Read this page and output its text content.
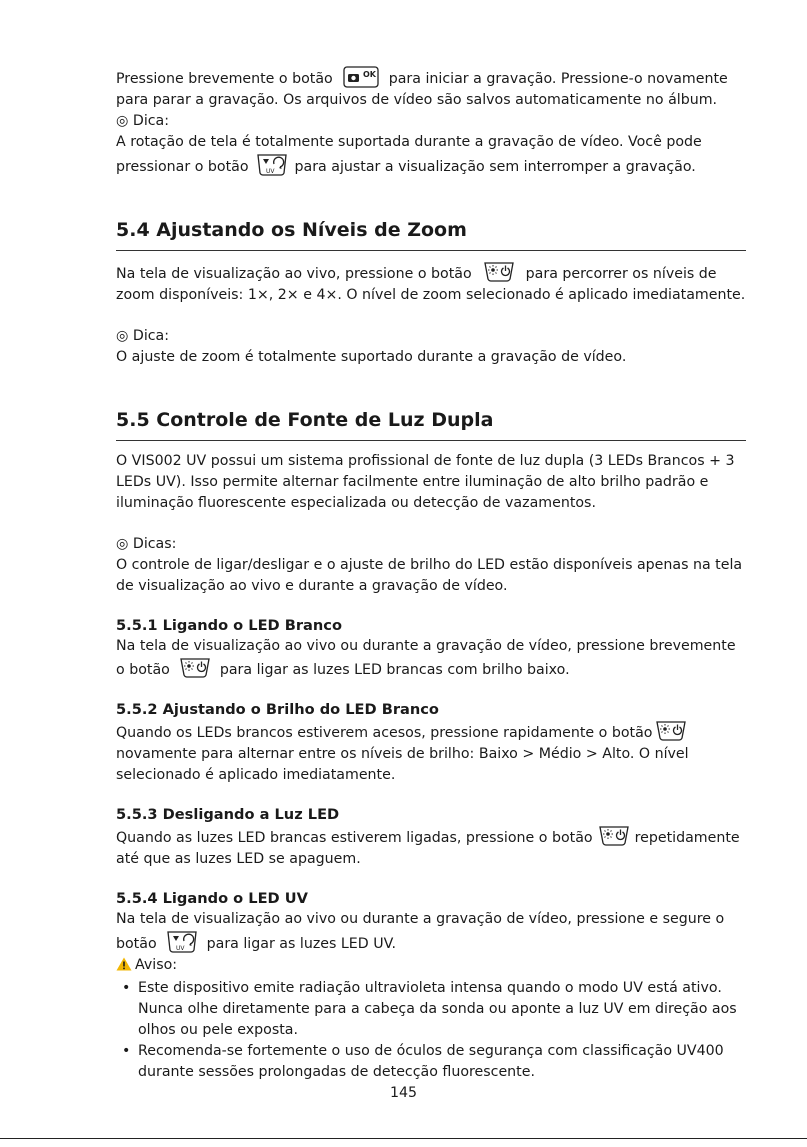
Pressione brevemente o botão	OK para iniciar a gravação. Pressione-o novamente para parar a gravação. Os arquivos de vídeo são salvos automaticamente no álbum.

◎ Dica:

A rotação de tela é totalmente suportada durante a gravação de vídeo. Você pode pressionar o botão	UV para ajustar a visualização sem interromper a gravação.

5.4 Ajustando os Níveis de Zoom

Na tela de visualização ao vivo, pressione o botão	para percorrer os níveis de zoom disponíveis: 1×, 2× e 4×. O nível de zoom selecionado é aplicado imediatamente.

◎ Dica:

O ajuste de zoom é totalmente suportado durante a gravação de vídeo.

5.5 Controle de Fonte de Luz Dupla

O VIS002 UV possui um sistema profissional de fonte de luz dupla (3 LEDs Brancos + 3 LEDs UV). Isso permite alternar facilmente entre iluminação de alto brilho padrão e iluminação fluorescente especializada ou detecção de vazamentos.

◎ Dicas:

O controle de ligar/desligar e o ajuste de brilho do LED estão disponíveis apenas na tela de visualização ao vivo e durante a gravação de vídeo.

5.5.1 Ligando o LED Branco

Na tela de visualização ao vivo ou durante a gravação de vídeo, pressione brevemente o botão	para ligar as luzes LED brancas com brilho baixo.

5.5.2 Ajustando o Brilho do LED Branco

Quando os LEDs brancos estiverem acesos, pressione rapidamente o botão
novamente para alternar entre os níveis de brilho: Baixo > Médio > Alto. O nível selecionado é aplicado imediatamente.

5.5.3 Desligando a Luz LED

Quando as luzes LED brancas estiverem ligadas, pressione o botão	repetidamente até que as luzes LED se apaguem.

5.5.4 Ligando o LED UV

Na tela de visualização ao vivo ou durante a gravação de vídeo, pressione e segure o botão	UV para ligar as luzes LED UV.

Aviso:

• Este dispositivo emite radiação ultravioleta intensa quando o modo UV está ativo. Nunca olhe diretamente para a cabeça da sonda ou aponte a luz UV em direção aos olhos ou pele exposta.
• Recomenda-se fortemente o uso de óculos de segurança com classificação UV400 durante sessões prolongadas de detecção fluorescente.
145
